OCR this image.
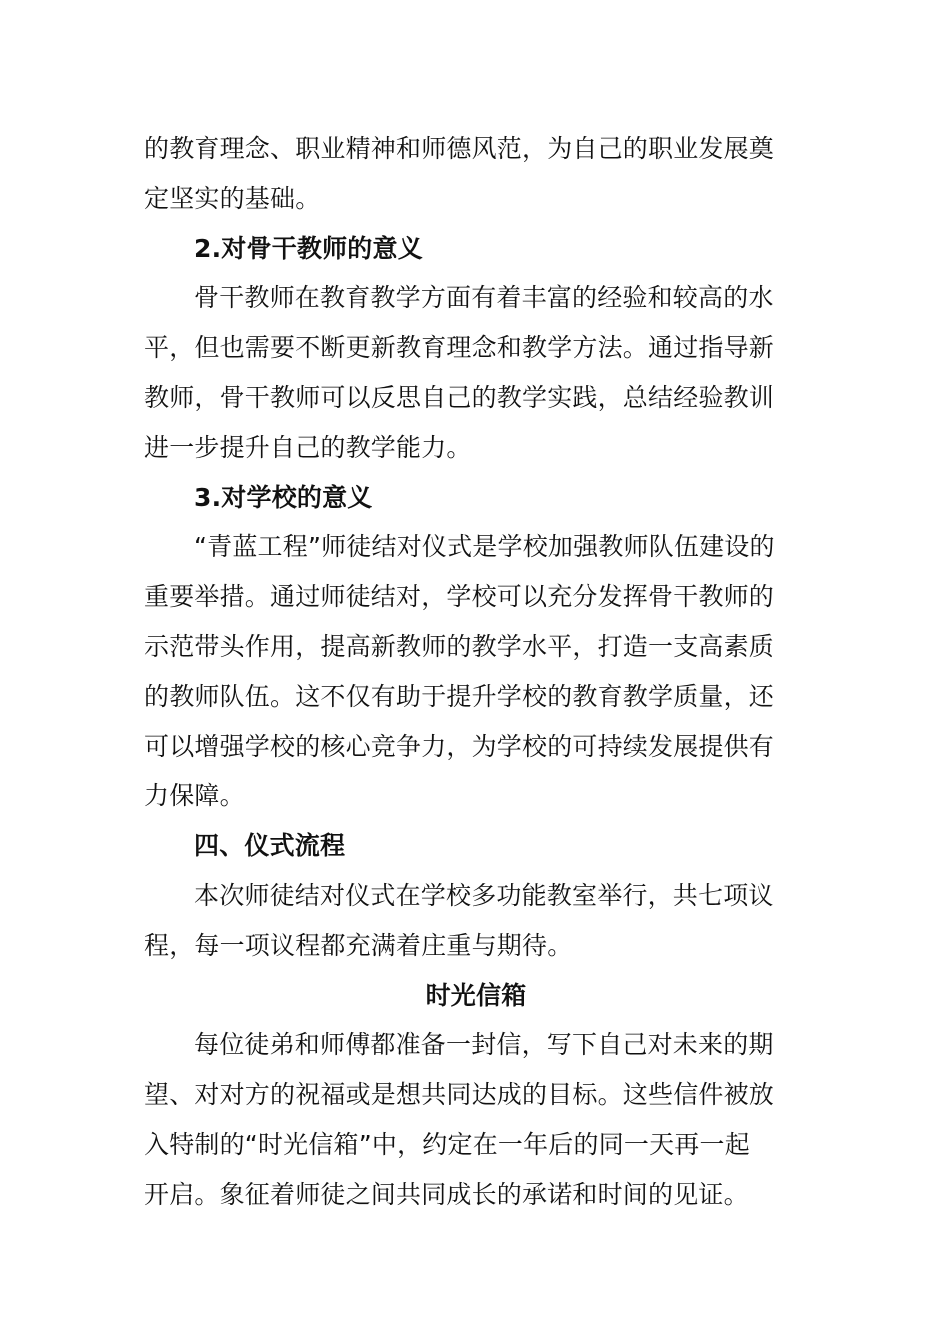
的教育理念、职业精神和师德风范，为自己的职业发展奠
定坚实的基础。
2.对骨干教师的意义
骨干教师在教育教学方面有着丰富的经验和较高的水
平，但也需要不断更新教育理念和教学方法。通过指导新
教师，骨干教师可以反思自己的教学实践，总结经验教训
进一步提升自己的教学能力。
3.对学校的意义
“青蓝工程”师徒结对仪式是学校加强教师队伍建设的
重要举措。通过师徒结对，学校可以充分发挥骨干教师的
示范带头作用，提高新教师的教学水平，打造一支高素质
的教师队伍。这不仅有助于提升学校的教育教学质量，还
可以增强学校的核心竞争力，为学校的可持续发展提供有
力保障。
四、仪式流程
本次师徒结对仪式在学校多功能教室举行，共七项议
程，每一项议程都充满着庄重与期待。
时光信箱
每位徒弟和师傅都准备一封信，写下自己对未来的期
望、对对方的祝福或是想共同达成的目标。这些信件被放
入特制的“时光信箱”中，约定在一年后的同一天再一起
开启。象征着师徒之间共同成长的承诺和时间的见证。
